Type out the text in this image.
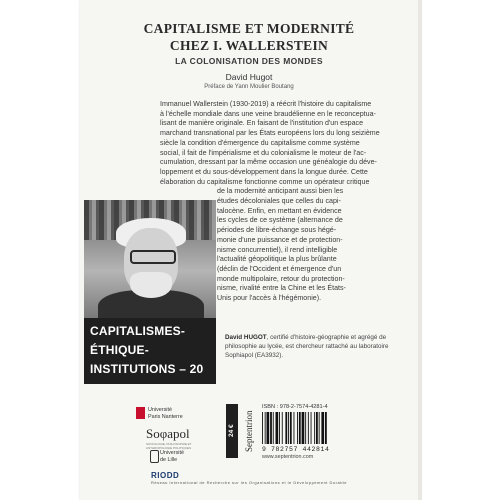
CAPITALISME ET MODERNITÉ
CHEZ I. WALLERSTEIN
LA COLONISATION DES MONDES
David Hugot
Préface de Yann Moulier Boutang
Immanuel Wallerstein (1930-2019) a réécrit l'histoire du capitalisme
à l'échelle mondiale dans une veine braudélienne en le reconceptua-
lisant de manière originale. En faisant de l'institution d'un espace
marchand transnational par les États européens lors du long seizième
siècle la condition d'émergence du capitalisme comme système
social, il fait de l'impérialisme et du colonialisme le moteur de l'ac-
cumulation, dressant par la même occasion une généalogie du déve-
loppement et du sous-développement dans la longue durée. Cette
élaboration du capitalisme fonctionne comme un opérateur critique
de la modernité anticipant aussi bien les
études décoloniales que celles du capi-
talocène. Enfin, en mettant en évidence
les cycles de ce système (alternance de
périodes de libre-échange sous hégé-
monie d'une puissance et de protection-
nisme concurrentiel), il rend intelligible
l'actualité géopolitique la plus brûlante
(déclin de l'Occident et émergence d'un
monde multipolaire, retour du protection-
nisme, rivalité entre la Chine et les États-
Unis pour l'accès à l'hégémonie).
CAPITALISMES-
ÉTHIQUE-
INSTITUTIONS – 20
David HUGOT, certifié d'histoire-géographie et agrégé de philosophie au lycée, est chercheur rattaché au laboratoire Sophiapol (EA3932).
Université
Paris Nanterre
Soφapol
SOCIOLOGIE, PHILOSOPHIE ET ANTHROPOLOGIE POLITIQUES
Université
de Lille
RIODD
Réseau International de Recherche sur les Organisations et le Développement Durable
24 €	Septentrion
ISBN : 978-2-7574-4281-4
9 782757 442814
www.septentrion.com
